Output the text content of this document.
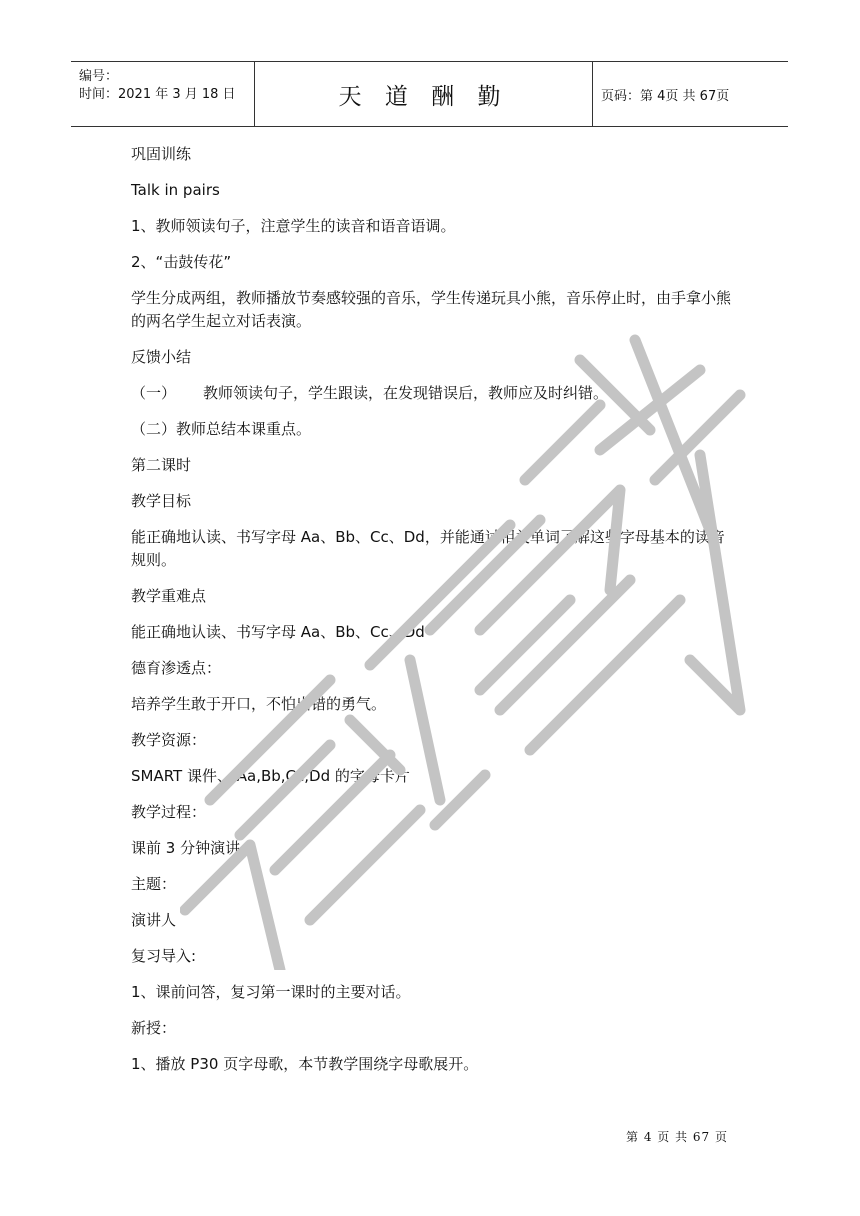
编号：
时间：2021 年 3 月 18 日	天 道 酬 勤	页码：第 4页 共 67页

巩固训练

Talk in pairs

1、教师领读句子，注意学生的读音和语音语调。

2、“击鼓传花”

学生分成两组，教师播放节奏感较强的音乐，学生传递玩具小熊，音乐停止时，由手拿小熊的两名学生起立对话表演。

反馈小结

（一）	教师领读句子，学生跟读，在发现错误后，教师应及时纠错。

（二）教师总结本课重点。

第二课时

教学目标

能正确地认读、书写字母 Aa、Bb、Cc、Dd，并能通过相关单词了解这些字母基本的读音规则。

教学重难点

能正确地认读、书写字母 Aa、Bb、Cc、Dd

德育渗透点：

培养学生敢于开口，不怕出错的勇气。

教学资源：

SMART 课件、 Aa,Bb,Cc,Dd 的字母卡片

教学过程：

课前 3 分钟演讲

主题：

演讲人

复习导入:

1、课前问答，复习第一课时的主要对话。

新授：

1、播放 P30 页字母歌，本节教学围绕字母歌展开。

第 4 页 共 67 页
